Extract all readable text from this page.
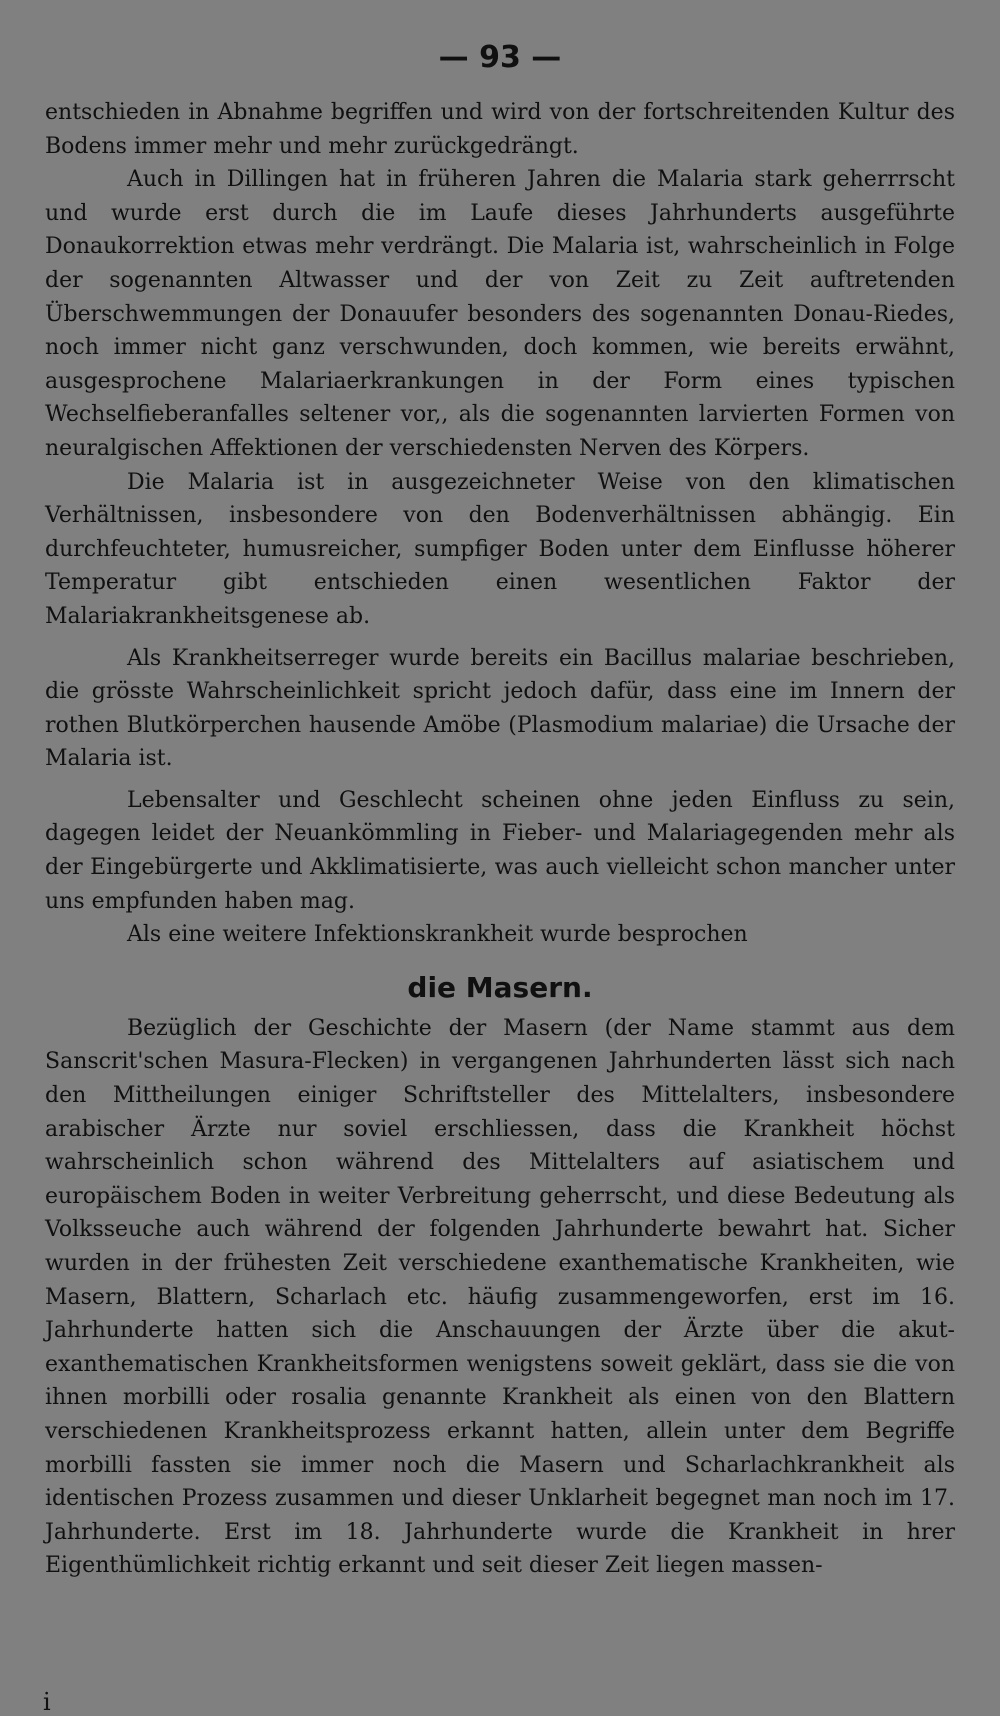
— 93 —

entschieden in Abnahme begriffen und wird von der fortschreitenden Kultur des Bodens immer mehr und mehr zurückgedrängt.

Auch in Dillingen hat in früheren Jahren die Malaria stark geherrrscht und wurde erst durch die im Laufe dieses Jahrhunderts ausgeführte Donaukorrektion etwas mehr verdrängt. Die Malaria ist, wahrscheinlich in Folge der sogenannten Altwasser und der von Zeit zu Zeit auftretenden Überschwemmungen der Donauufer besonders des sogenannten Donau-Riedes, noch immer nicht ganz verschwunden, doch kommen, wie bereits erwähnt, ausgesprochene Malariaerkrankungen in der Form eines typischen Wechselfieberanfalles seltener vor,, als die sogenannten larvierten Formen von neuralgischen Affektionen der verschiedensten Nerven des Körpers.

Die Malaria ist in ausgezeichneter Weise von den klimatischen Verhältnissen, insbesondere von den Bodenverhältnissen abhängig. Ein durchfeuchteter, humusreicher, sumpfiger Boden unter dem Einflusse höherer Temperatur gibt entschieden einen wesentlichen Faktor der Malariakrankheitsgenese ab.

Als Krankheitserreger wurde bereits ein Bacillus malariae beschrieben, die grösste Wahrscheinlichkeit spricht jedoch dafür, dass eine im Innern der rothen Blutkörperchen hausende Amöbe (Plasmodium malariae) die Ursache der Malaria ist.

Lebensalter und Geschlecht scheinen ohne jeden Einfluss zu sein, dagegen leidet der Neuankömmling in Fieber- und Malariagegenden mehr als der Eingebürgerte und Akklimatisierte, was auch vielleicht schon mancher unter uns empfunden haben mag.

Als eine weitere Infektionskrankheit wurde besprochen

die Masern.

Bezüglich der Geschichte der Masern (der Name stammt aus dem Sanscrit'schen Masura-Flecken) in vergangenen Jahrhunderten lässt sich nach den Mittheilungen einiger Schriftsteller des Mittelalters, insbesondere arabischer Ärzte nur soviel erschliessen, dass die Krankheit höchst wahrscheinlich schon während des Mittelalters auf asiatischem und europäischem Boden in weiter Verbreitung geherrscht, und diese Bedeutung als Volksseuche auch während der folgenden Jahrhunderte bewahrt hat. Sicher wurden in der frühesten Zeit verschiedene exanthematische Krankheiten, wie Masern, Blattern, Scharlach etc. häufig zusammengeworfen, erst im 16. Jahrhunderte hatten sich die Anschauungen der Ärzte über die akut-exanthematischen Krankheitsformen wenigstens soweit geklärt, dass sie die von ihnen morbilli oder rosalia genannte Krankheit als einen von den Blattern verschiedenen Krankheitsprozess erkannt hatten, allein unter dem Begriffe morbilli fassten sie immer noch die Masern und Scharlachkrankheit als identischen Prozess zusammen und dieser Unklarheit begegnet man noch im 17. Jahrhunderte. Erst im 18. Jahrhunderte wurde die Krankheit in hrer Eigenthümlichkeit richtig erkannt und seit dieser Zeit liegen massen-

i
